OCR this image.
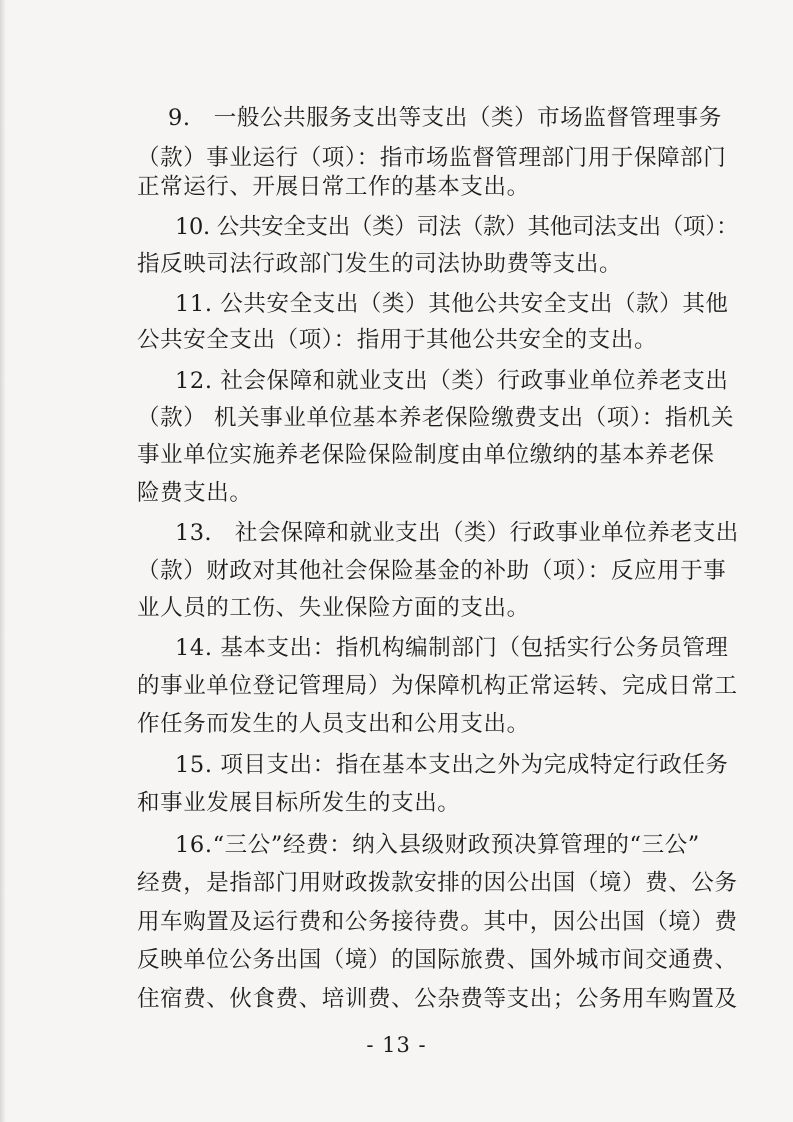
9.　一般公共服务支出等支出（类）市场监督管理事务
（款）事业运行（项）：指市场监督管理部门用于保障部门
正常运行、开展日常工作的基本支出。
10. 公共安全支出（类）司法（款）其他司法支出（项）：
指反映司法行政部门发生的司法协助费等支出。
11. 公共安全支出（类）其他公共安全支出（款）其他
公共安全支出（项）：指用于其他公共安全的支出。
12. 社会保障和就业支出（类）行政事业单位养老支出
（款） 机关事业单位基本养老保险缴费支出（项）：指机关
事业单位实施养老保险保险制度由单位缴纳的基本养老保
险费支出。
13.　社会保障和就业支出（类）行政事业单位养老支出
（款）财政对其他社会保险基金的补助（项）：反应用于事
业人员的工伤、失业保险方面的支出。
14. 基本支出：指机构编制部门（包括实行公务员管理
的事业单位登记管理局）为保障机构正常运转、完成日常工
作任务而发生的人员支出和公用支出。
15. 项目支出：指在基本支出之外为完成特定行政任务
和事业发展目标所发生的支出。
16.“三公”经费：纳入县级财政预决算管理的“三公”
经费，是指部门用财政拨款安排的因公出国（境）费、公务
用车购置及运行费和公务接待费。其中，因公出国（境）费
反映单位公务出国（境）的国际旅费、国外城市间交通费、
住宿费、伙食费、培训费、公杂费等支出；公务用车购置及
- 13 -
